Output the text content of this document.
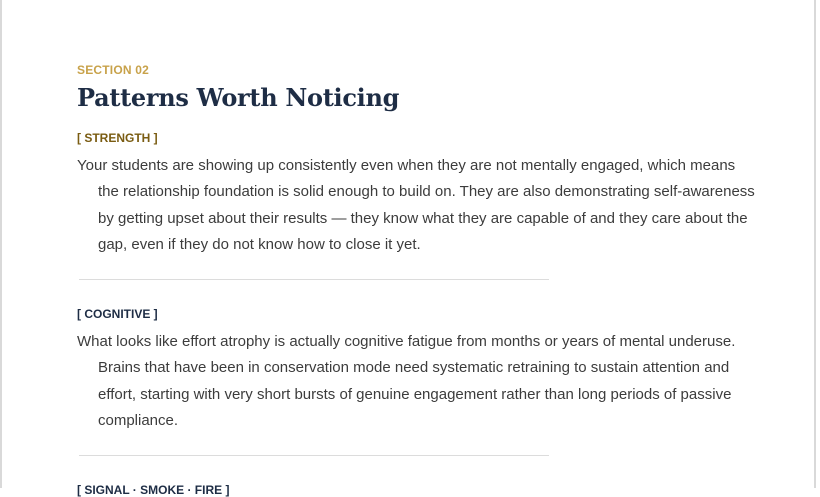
SECTION 02

Patterns Worth Noticing

[ STRENGTH ]

Your students are showing up consistently even when they are not mentally engaged, which means the relationship foundation is solid enough to build on. They are also demonstrating self-awareness by getting upset about their results — they know what they are capable of and they care about the gap, even if they do not know how to close it yet.

[ COGNITIVE ]

What looks like effort atrophy is actually cognitive fatigue from months or years of mental underuse. Brains that have been in conservation mode need systematic retraining to sustain attention and effort, starting with very short bursts of genuine engagement rather than long periods of passive compliance.

[ SIGNAL · SMOKE · FIRE ]
